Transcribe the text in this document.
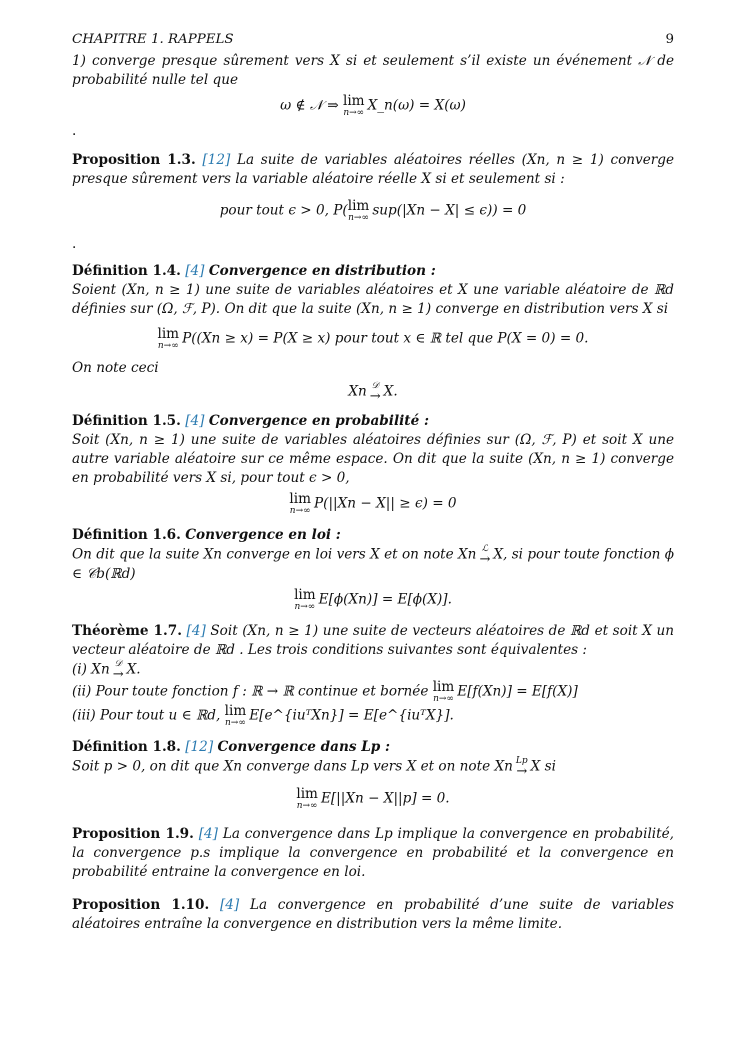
CHAPITRE 1. RAPPELS	9

1) converge presque sûrement vers X si et seulement s’il existe un événement 𝒩 de probabilité nulle tel que

ω ∉ 𝒩 ⇒ lim
n→∞ X_n(ω) = X(ω)
.

Proposition 1.3. [12] La suite de variables aléatoires réelles (Xn, n ≥ 1) converge presque sûrement vers la variable aléatoire réelle X si et seulement si :

pour tout ϵ > 0, P( lim
n→∞ sup(|Xn − X| ≤ ϵ)) = 0
.

Définition 1.4. [4] Convergence en distribution :

Soient (Xn, n ≥ 1) une suite de variables aléatoires et X une variable aléatoire de ℝd définies sur (Ω, ℱ, P). On dit que la suite (Xn, n ≥ 1) converge en distribution vers X si

lim
n→∞ P((Xn ≥ x) = P(X ≥ x) pour tout x ∈ ℝ tel que P(X = 0) = 0.

On note ceci

Xn 𝒟
→ X.

Définition 1.5. [4] Convergence en probabilité :

Soit (Xn, n ≥ 1) une suite de variables aléatoires définies sur (Ω, ℱ, P) et soit X une autre variable aléatoire sur ce même espace. On dit que la suite (Xn, n ≥ 1) converge en probabilité vers X si, pour tout ϵ > 0,

lim
n→∞ P(||Xn − X|| ≥ ϵ) = 0

Définition 1.6. Convergence en loi :

On dit que la suite Xn converge en loi vers X et on note Xn ℒ
→ X, si pour toute fonction ϕ ∈ 𝒞b(ℝd)

lim
n→∞ E[ϕ(Xn)] = E[ϕ(X)].

Théorème 1.7. [4] Soit (Xn, n ≥ 1) une suite de vecteurs aléatoires de ℝd et soit X un vecteur aléatoire de ℝd . Les trois conditions suivantes sont équivalentes :

(i) Xn 𝒟
→ X.

(ii) Pour toute fonction f : ℝ → ℝ continue et bornée lim
n→∞ E[f(Xn)] = E[f(X)]

(iii) Pour tout u ∈ ℝd, lim
n→∞ E[e^{iuᵀXn}] = E[e^{iuᵀX}].

Définition 1.8. [12] Convergence dans Lp :

Soit p > 0, on dit que Xn converge dans Lp vers X et on note Xn Lp
→ X si

lim
n→∞ E[||Xn − X||p] = 0.

Proposition 1.9. [4] La convergence dans Lp implique la convergence en probabilité, la convergence p.s implique la convergence en probabilité et la convergence en probabilité entraine la convergence en loi.

Proposition 1.10. [4] La convergence en probabilité d’une suite de variables aléatoires entraîne la convergence en distribution vers la même limite.
